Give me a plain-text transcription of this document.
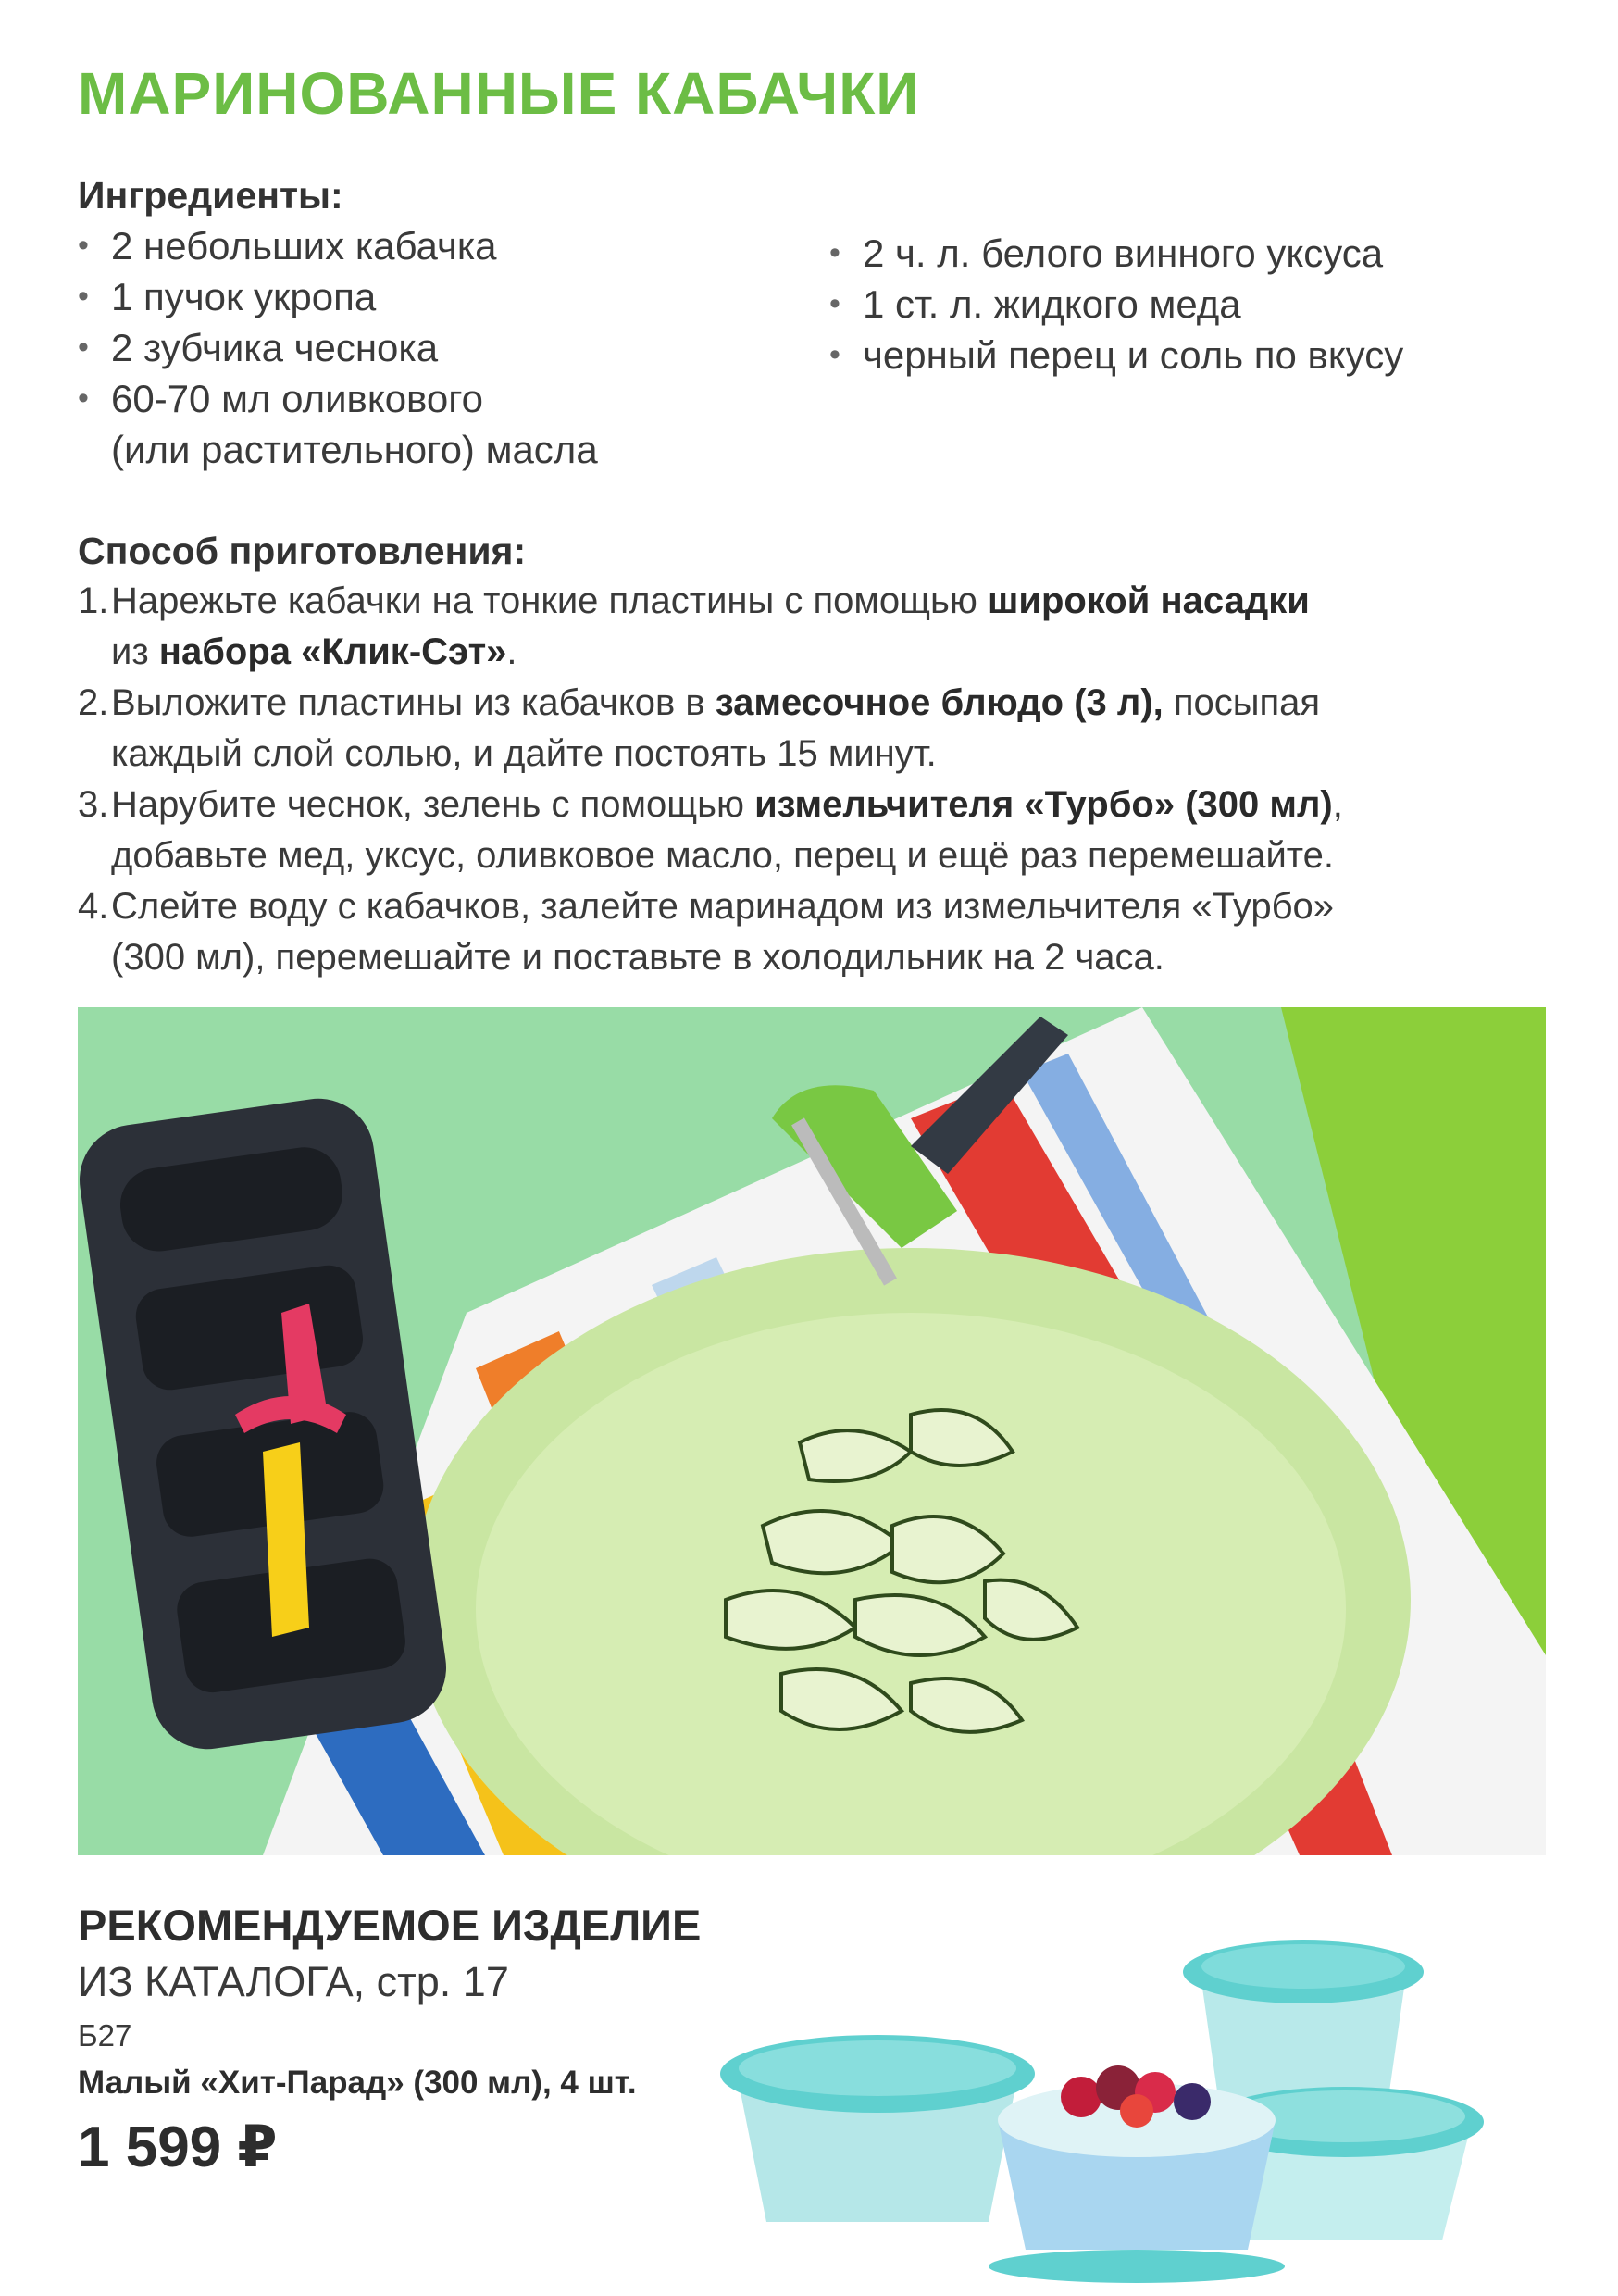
МАРИНОВАННЫЕ КАБАЧКИ
Ингредиенты:
• 2 небольших кабачка
• 1 пучок укропа
• 2 зубчика чеснока
• 60-70 мл оливкового
(или растительного) масла
• 2 ч. л. белого винного уксуса
• 1 ст. л. жидкого меда
• черный перец и соль по вкусу
Способ приготовления:
1. Нарежьте кабачки на тонкие пластины с помощью широкой насадки
из набора «Клик-Сэт».
2. Выложите пластины из кабачков в замесочное блюдо (3 л), посыпая
каждый слой солью, и дайте постоять 15 минут.
3. Нарубите чеснок, зелень с помощью измельчителя «Турбо» (300 мл),
добавьте мед, уксус, оливковое масло, перец и ещё раз перемешайте.
4. Слейте воду с кабачков, залейте маринадом из измельчителя «Турбо»
(300 мл), перемешайте и поставьте в холодильник на 2 часа.
РЕКОМЕНДУЕМОЕ ИЗДЕЛИЕ
ИЗ КАТАЛОГА, стр. 17
Б27
Малый «Хит-Парад» (300 мл), 4 шт.
1 599 ₽
